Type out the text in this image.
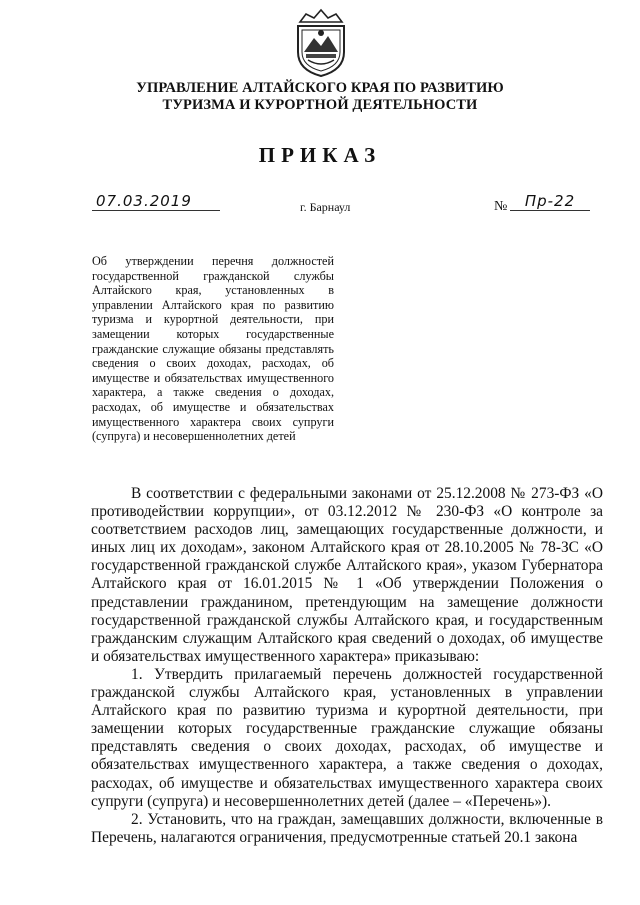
УПРАВЛЕНИЕ АЛТАЙСКОГО КРАЯ ПО РАЗВИТИЮ ТУРИЗМА И КУРОРТНОЙ ДЕЯТЕЛЬНОСТИ
ПРИКАЗ
07.03.2019	г. Барнаул	№	Пр-22
Об утверждении перечня должностей государственной гражданской службы Алтайского края, установленных в управлении Алтайского края по развитию туризма и курортной деятельности, при замещении которых государственные гражданские служащие обязаны представлять сведения о своих доходах, расходах, об имуществе и обязательствах имущественного характера, а также сведения о доходах, расходах, об имуществе и обязательствах имущественного характера своих супруги (супруга) и несовершеннолетних детей

В соответствии с федеральными законами от 25.12.2008 № 273-ФЗ «О противодействии коррупции», от 03.12.2012 № 230-ФЗ «О контроле за соответствием расходов лиц, замещающих государственные должности, и иных лиц их доходам», законом Алтайского края от 28.10.2005 № 78-ЗС «О государственной гражданской службе Алтайского края», указом Губернатора Алтайского края от 16.01.2015 № 1 «Об утверждении Положения о представлении гражданином, претендующим на замещение должности государственной гражданской службы Алтайского края, и государственным гражданским служащим Алтайского края сведений о доходах, об имуществе и обязательствах имущественного характера» приказываю:

1. Утвердить прилагаемый перечень должностей государственной гражданской службы Алтайского края, установленных в управлении Алтайского края по развитию туризма и курортной деятельности, при замещении которых государственные гражданские служащие обязаны представлять сведения о своих доходах, расходах, об имуществе и обязательствах имущественного характера, а также сведения о доходах, расходах, об имуществе и обязательствах имущественного характера своих супруги (супруга) и несовершеннолетних детей (далее – «Перечень»).

2. Установить, что на граждан, замещавших должности, включенные в Перечень, налагаются ограничения, предусмотренные статьей 20.1 закона
